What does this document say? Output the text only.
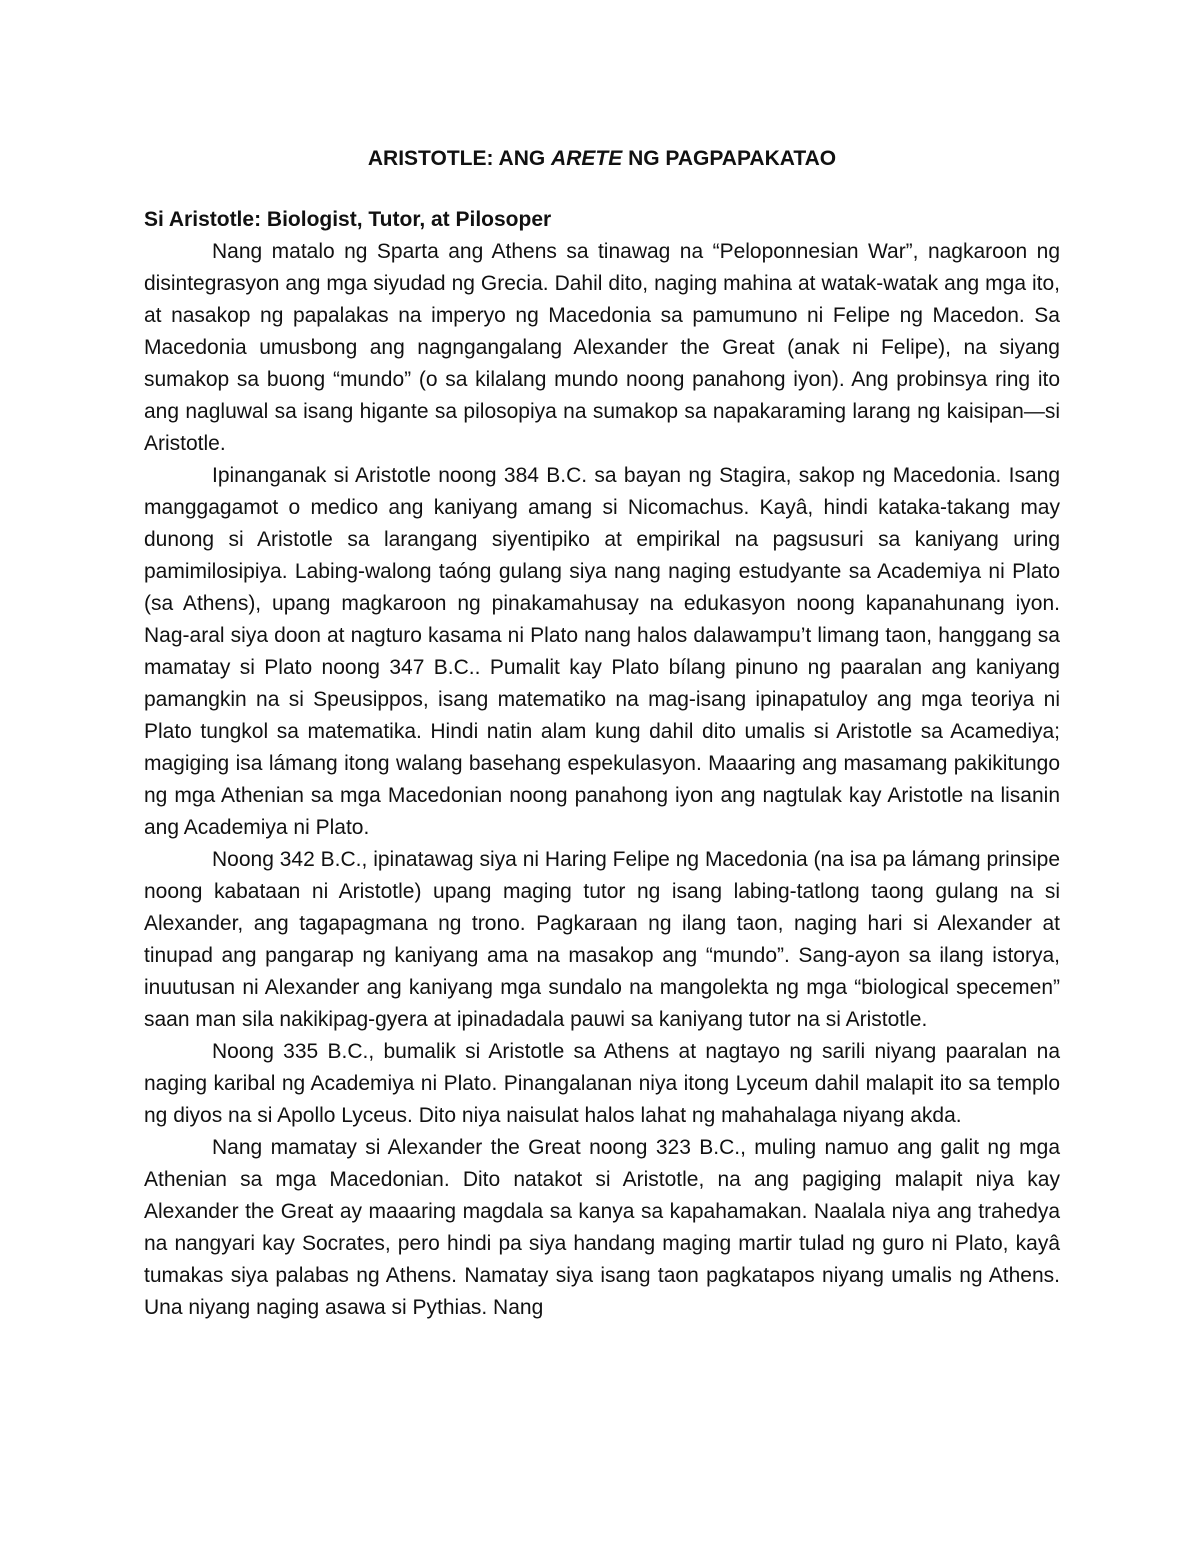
ARISTOTLE: ANG ARETE NG PAGPAPAKATAO
Si Aristotle: Biologist, Tutor, at Pilosoper

Nang matalo ng Sparta ang Athens sa tinawag na “Peloponnesian War”, nagkaroon ng disintegrasyon ang mga siyudad ng Grecia. Dahil dito, naging mahina at watak-watak ang mga ito, at nasakop ng papalakas na imperyo ng Macedonia sa pamumuno ni Felipe ng Macedon. Sa Macedonia umusbong ang nagngangalang Alexander the Great (anak ni Felipe), na siyang sumakop sa buong “mundo” (o sa kilalang mundo noong panahong iyon). Ang probinsya ring ito ang nagluwal sa isang higante sa pilosopiya na sumakop sa napakaraming larang ng kaisipan—si Aristotle.

Ipinanganak si Aristotle noong 384 B.C. sa bayan ng Stagira, sakop ng Macedonia. Isang manggagamot o medico ang kaniyang amang si Nicomachus. Kayâ, hindi kataka-takang may dunong si Aristotle sa larangang siyentipiko at empirikal na pagsusuri sa kaniyang uring pamimilosipiya. Labing-walong taóng gulang siya nang naging estudyante sa Academiya ni Plato (sa Athens), upang magkaroon ng pinakamahusay na edukasyon noong kapanahunang iyon. Nag-aral siya doon at nagturo kasama ni Plato nang halos dalawampu’t limang taon, hanggang sa mamatay si Plato noong 347 B.C.. Pumalit kay Plato bílang pinuno ng paaralan ang kaniyang pamangkin na si Speusippos, isang matematiko na mag-isang ipinapatuloy ang mga teoriya ni Plato tungkol sa matematika. Hindi natin alam kung dahil dito umalis si Aristotle sa Acamediya; magiging isa lámang itong walang basehang espekulasyon. Maaaring ang masamang pakikitungo ng mga Athenian sa mga Macedonian noong panahong iyon ang nagtulak kay Aristotle na lisanin ang Academiya ni Plato.

Noong 342 B.C., ipinatawag siya ni Haring Felipe ng Macedonia (na isa pa lámang prinsipe noong kabataan ni Aristotle) upang maging tutor ng isang labing-tatlong taong gulang na si Alexander, ang tagapagmana ng trono. Pagkaraan ng ilang taon, naging hari si Alexander at tinupad ang pangarap ng kaniyang ama na masakop ang “mundo”. Sang-ayon sa ilang istorya, inuutusan ni Alexander ang kaniyang mga sundalo na mangolekta ng mga “biological specemen” saan man sila nakikipag-gyera at ipinadadala pauwi sa kaniyang tutor na si Aristotle.

Noong 335 B.C., bumalik si Aristotle sa Athens at nagtayo ng sarili niyang paaralan na naging karibal ng Academiya ni Plato. Pinangalanan niya itong Lyceum dahil malapit ito sa templo ng diyos na si Apollo Lyceus. Dito niya naisulat halos lahat ng mahahalaga niyang akda.

Nang mamatay si Alexander the Great noong 323 B.C., muling namuo ang galit ng mga Athenian sa mga Macedonian. Dito natakot si Aristotle, na ang pagiging malapit niya kay Alexander the Great ay maaaring magdala sa kanya sa kapahamakan. Naalala niya ang trahedya na nangyari kay Socrates, pero hindi pa siya handang maging martir tulad ng guro ni Plato, kayâ tumakas siya palabas ng Athens. Namatay siya isang taon pagkatapos niyang umalis ng Athens. Una niyang naging asawa si Pythias. Nang
